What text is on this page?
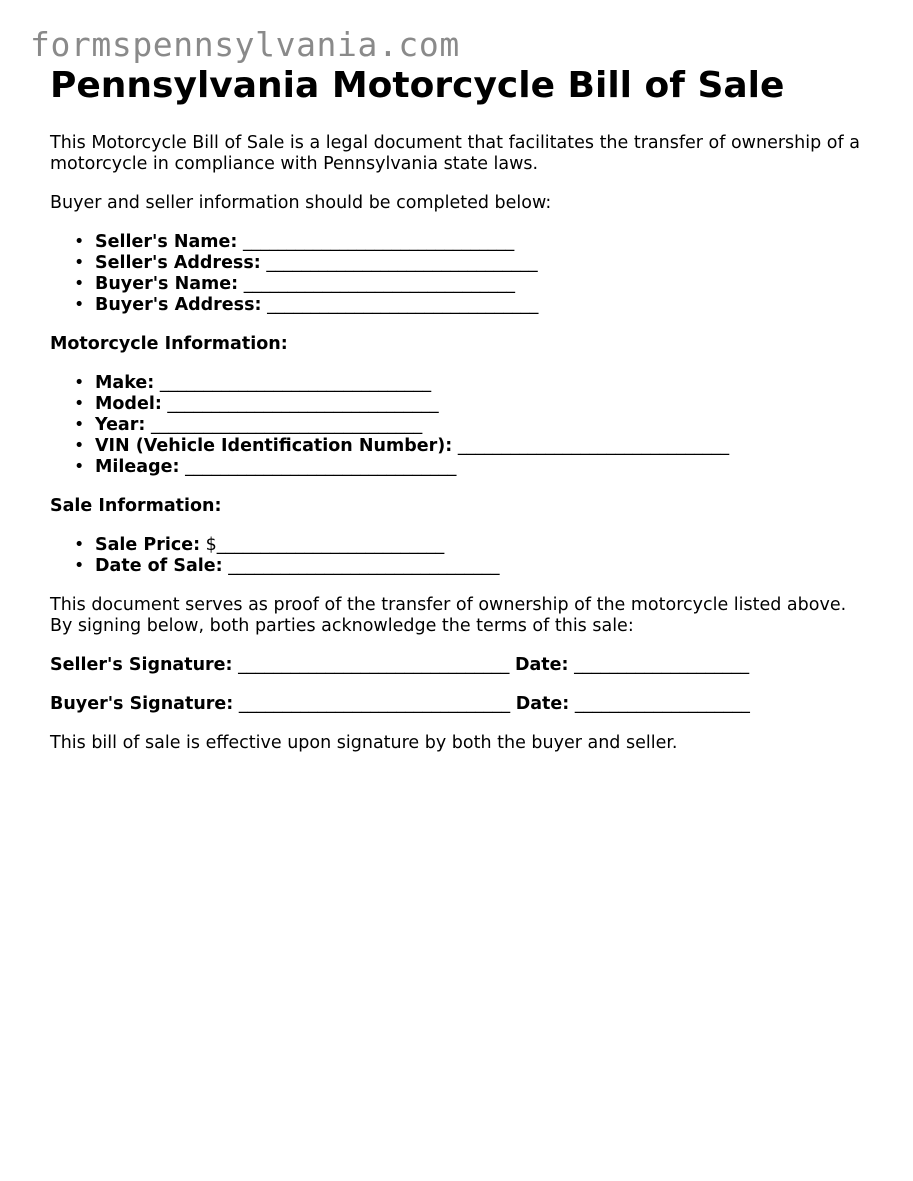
formspennsylvania.com
Pennsylvania Motorcycle Bill of Sale

This Motorcycle Bill of Sale is a legal document that facilitates the transfer of ownership of a motorcycle in compliance with Pennsylvania state laws.

Buyer and seller information should be completed below:

• Seller's Name: _______________________________
• Seller's Address: _______________________________
• Buyer's Name: _______________________________
• Buyer's Address: _______________________________

Motorcycle Information:

• Make: _______________________________
• Model: _______________________________
• Year: _______________________________
• VIN (Vehicle Identification Number): _______________________________
• Mileage: _______________________________

Sale Information:

• Sale Price: $__________________________
• Date of Sale: _______________________________

This document serves as proof of the transfer of ownership of the motorcycle listed above. By signing below, both parties acknowledge the terms of this sale:

Seller's Signature: _______________________________ Date: ____________________
Buyer's Signature: _______________________________ Date: ____________________

This bill of sale is effective upon signature by both the buyer and seller.
